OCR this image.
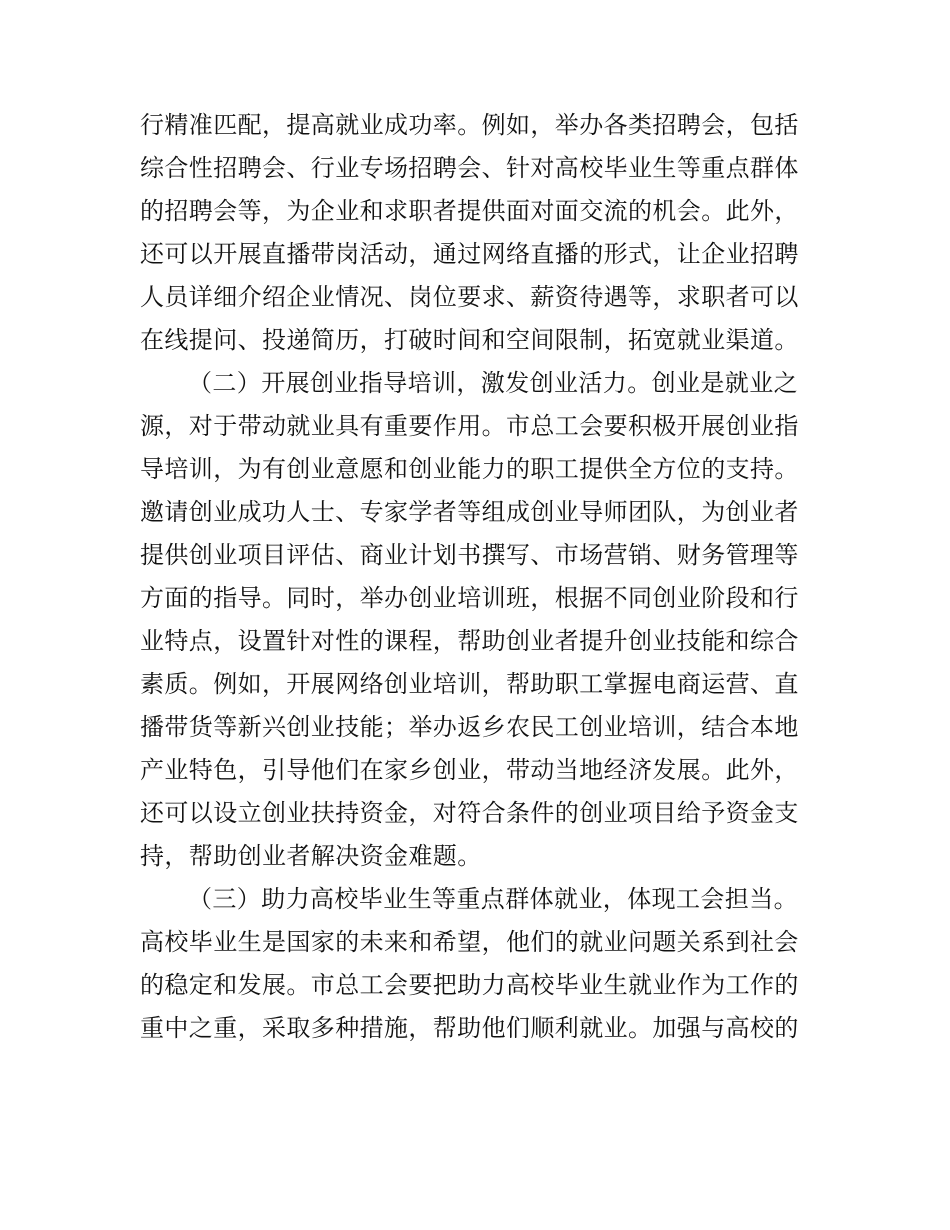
行精准匹配，提高就业成功率。例如，举办各类招聘会，包括
综合性招聘会、行业专场招聘会、针对高校毕业生等重点群体
的招聘会等，为企业和求职者提供面对面交流的机会。此外，
还可以开展直播带岗活动，通过网络直播的形式，让企业招聘
人员详细介绍企业情况、岗位要求、薪资待遇等，求职者可以
在线提问、投递简历，打破时间和空间限制，拓宽就业渠道。
（二）开展创业指导培训，激发创业活力。创业是就业之
源，对于带动就业具有重要作用。市总工会要积极开展创业指
导培训，为有创业意愿和创业能力的职工提供全方位的支持。
邀请创业成功人士、专家学者等组成创业导师团队，为创业者
提供创业项目评估、商业计划书撰写、市场营销、财务管理等
方面的指导。同时，举办创业培训班，根据不同创业阶段和行
业特点，设置针对性的课程，帮助创业者提升创业技能和综合
素质。例如，开展网络创业培训，帮助职工掌握电商运营、直
播带货等新兴创业技能；举办返乡农民工创业培训，结合本地
产业特色，引导他们在家乡创业，带动当地经济发展。此外，
还可以设立创业扶持资金，对符合条件的创业项目给予资金支
持，帮助创业者解决资金难题。
（三）助力高校毕业生等重点群体就业，体现工会担当。
高校毕业生是国家的未来和希望，他们的就业问题关系到社会
的稳定和发展。市总工会要把助力高校毕业生就业作为工作的
重中之重，采取多种措施，帮助他们顺利就业。加强与高校的
